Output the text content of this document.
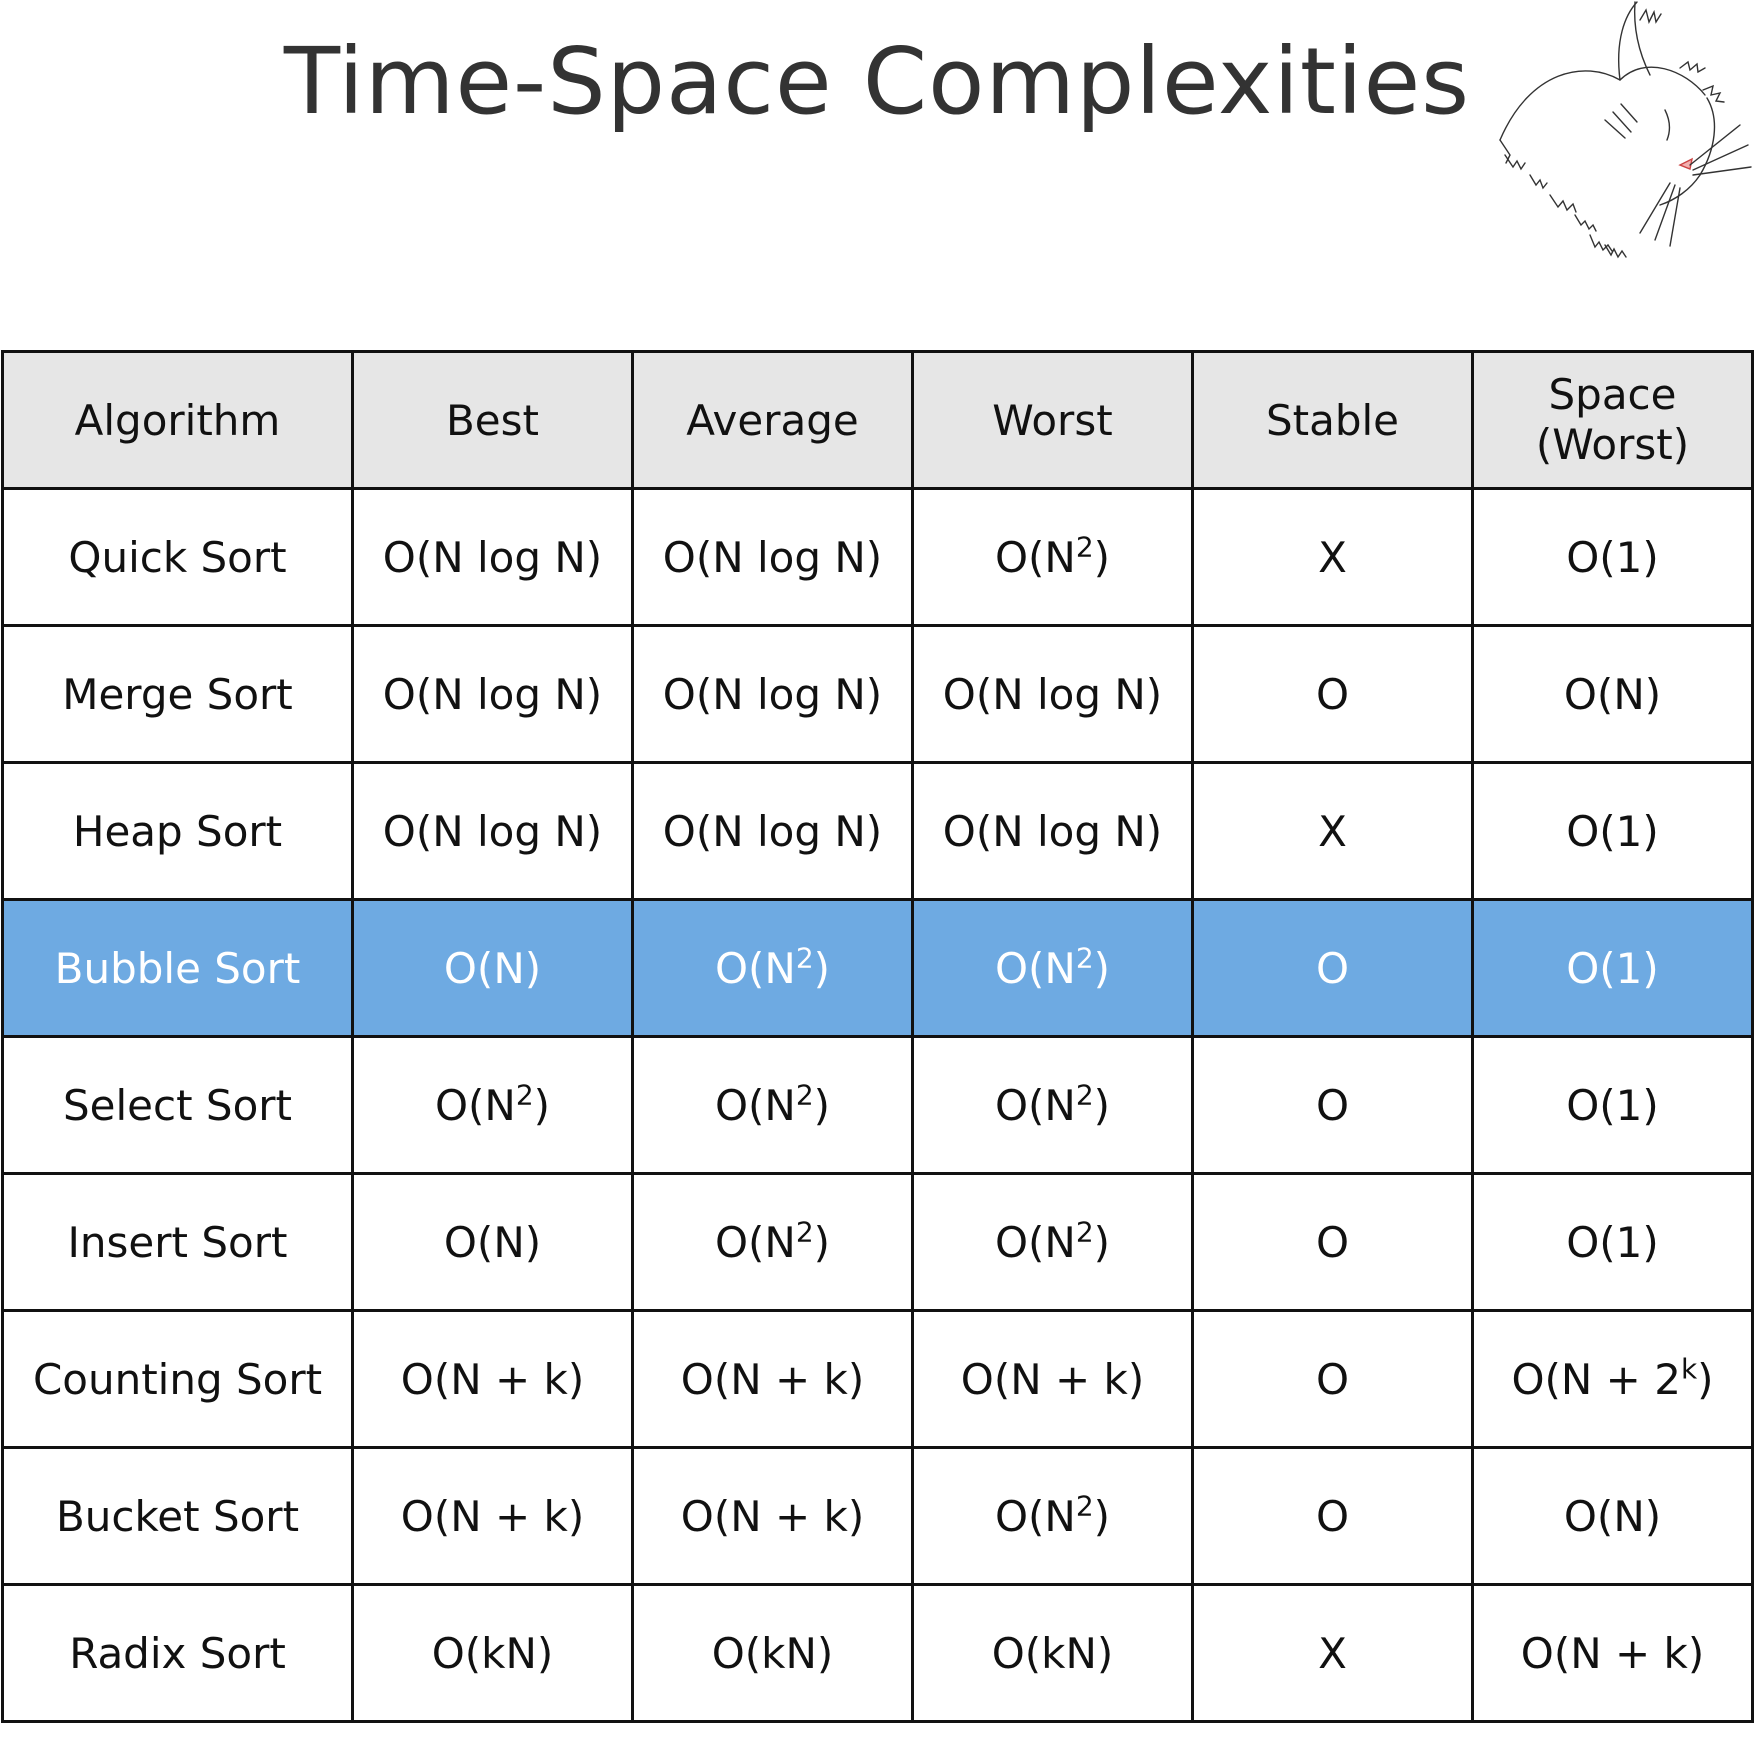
Time-Space Complexities
Algorithm	Best	Average	Worst	Stable	Space
(Worst)

Quick Sort	O(N log N)	O(N log N)	$O(N^2)$	X	O(1)
Merge Sort	O(N log N)	O(N log N)	O(N log N)	O	O(N)
Heap Sort	O(N log N)	O(N log N)	O(N log N)	X	O(1)
Bubble Sort	O(N)	$O(N^2)$	$O(N^2)$	O	O(1)
Select Sort	$O(N^2)$	$O(N^2)$	$O(N^2)$	O	O(1)
Insert Sort	O(N)	$O(N^2)$	$O(N^2)$	O	O(1)
Counting Sort	O(N + k)	O(N + k)	O(N + k)	O	$O(N + 2^k)$
Bucket Sort	O(N + k)	O(N + k)	$O(N^2)$	O	O(N)
Radix Sort	O(kN)	O(kN)	O(kN)	X	O(N + k)
